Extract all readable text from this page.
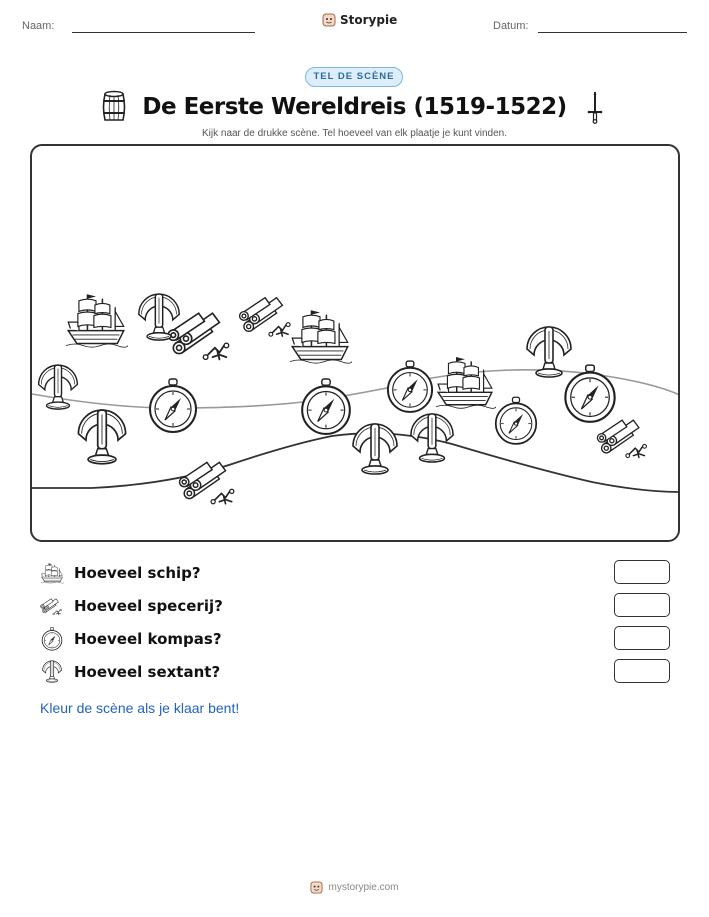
Naam:	Storypie	Datum:
TEL DE SCÈNE
De Eerste Wereldreis (1519-1522)
Kijk naar de drukke scène. Tel hoeveel van elk plaatje je kunt vinden.
Hoeveel schip?
Hoeveel specerij?
Hoeveel kompas?
Hoeveel sextant?
Kleur de scène als je klaar bent!
mystorypie.com
